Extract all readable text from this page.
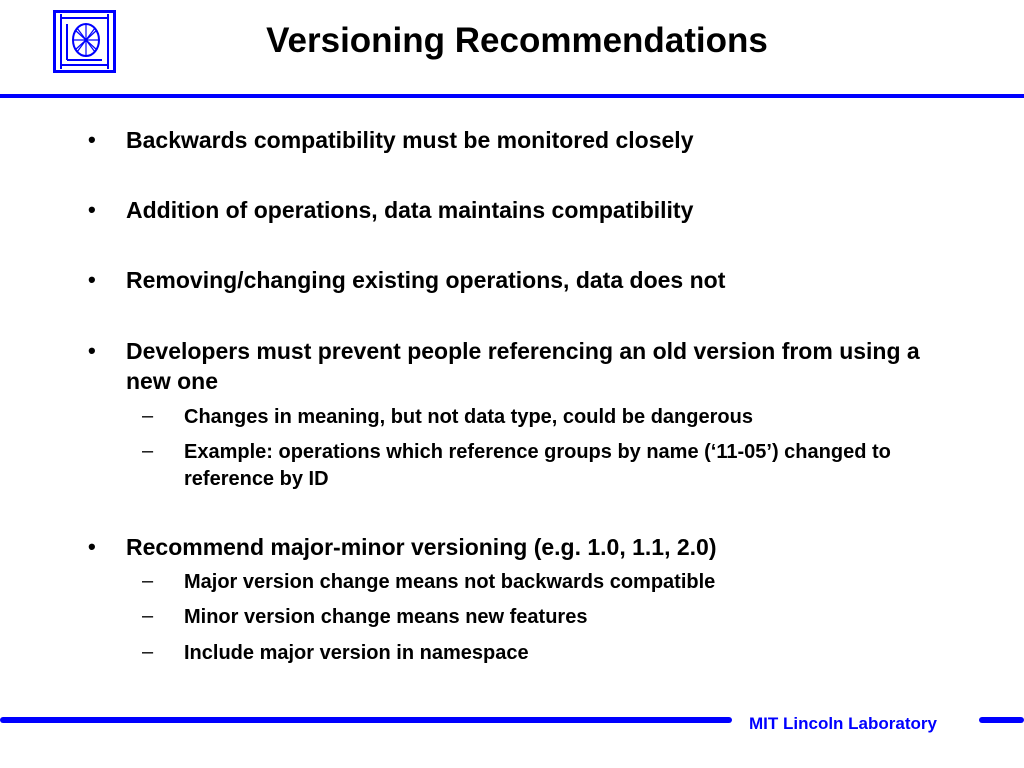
Versioning Recommendations
• Backwards compatibility must be monitored closely
• Addition of operations, data maintains compatibility
• Removing/changing existing operations, data does not
• Developers must prevent people referencing an old version from using a new one
– Changes in meaning, but not data type, could be dangerous
– Example: operations which reference groups by name (‘11-05’) changed to reference by ID
• Recommend major-minor versioning (e.g. 1.0, 1.1, 2.0)
– Major version change means not backwards compatible
– Minor version change means new features
– Include major version in namespace
MIT Lincoln Laboratory
